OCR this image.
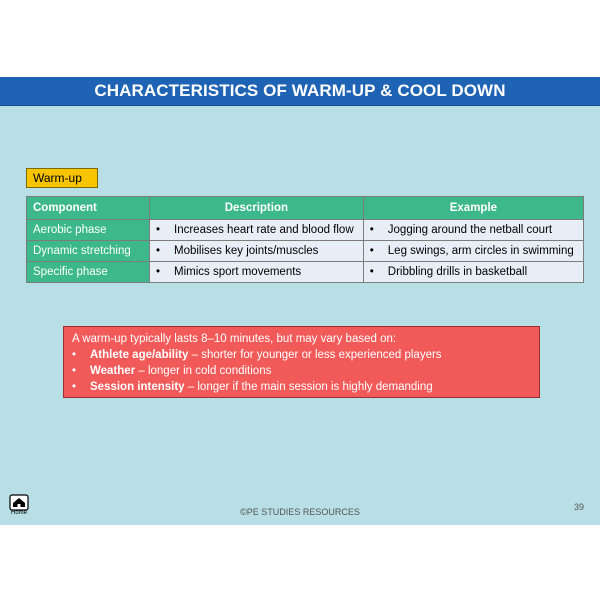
CHARACTERISTICS OF WARM-UP & COOL DOWN
Warm-up
Component	Description	Example
Aerobic phase	• Increases heart rate and blood flow	• Jogging around the netball court
Dynamic stretching	• Mobilises key joints/muscles	• Leg swings, arm circles in swimming
Specific phase	• Mimics sport movements	• Dribbling drills in basketball
A warm-up typically lasts 8–10 minutes, but may vary based on:
•	Athlete age/ability – shorter for younger or less experienced players
•	Weather – longer in cold conditions
•	Session intensity – longer if the main session is highly demanding
Home	©PE STUDIES RESOURCES	39
